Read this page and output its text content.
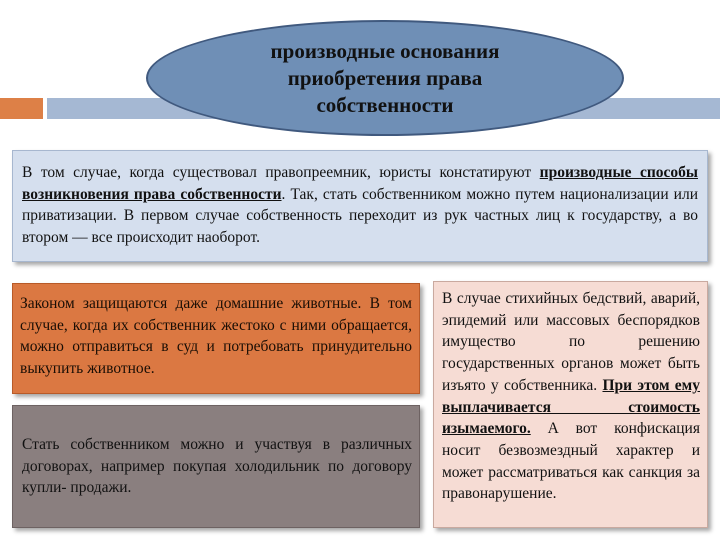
производные основания
приобретения права
собственности
В том случае, когда существовал правопреемник, юристы констатируют производные способы возникновения права собственности. Так, стать собственником можно путем национализации или приватизации. В первом случае собственность переходит из рук частных лиц к государству, а во втором — все происходит наоборот.
Законом защищаются даже домашние животные. В том случае, когда их собственник жестоко с ними обращается, можно отправиться в суд и потребовать принудительно выкупить животное.
Стать собственником можно и участвуя в различных договорах, например покупая холодильник по договору купли- продажи.
В случае стихийных бедствий, аварий, эпидемий или массовых беспорядков имущество по решению государственных органов может быть изъято у собственника. При этом ему выплачивается стоимость изымаемого. А вот конфискация носит безвозмездный характер и может рассматриваться как санкция за правонарушение.
